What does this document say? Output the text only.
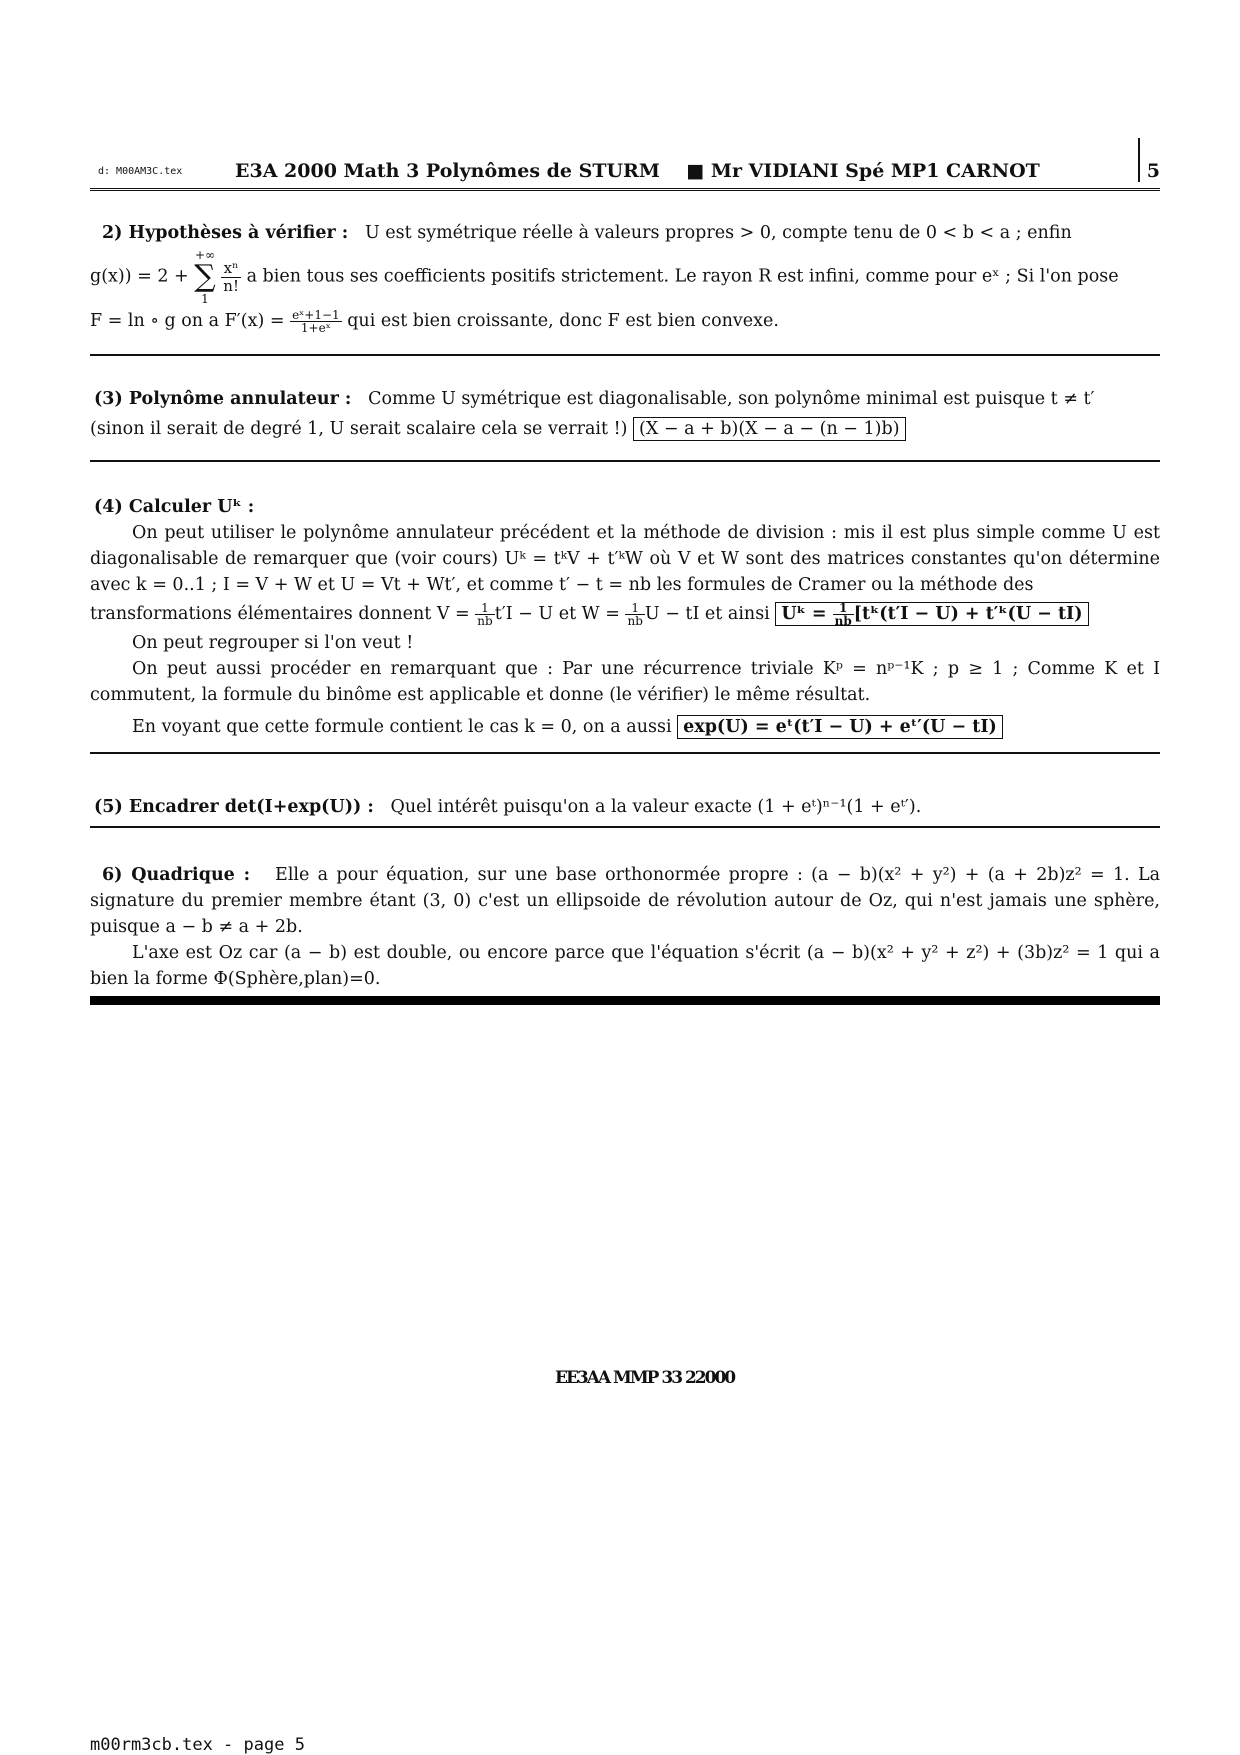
d: M00AM3C.tex	E3A 2000 Math 3 Polynômes de STURM ■ Mr VIDIANI Spé MP1 CARNOT	5

2) Hypothèses à vérifier : U est symétrique réelle à valeurs propres > 0, compte tenu de 0 < b < a ; enfin

g(x)) = 2 +
+∞
∑
1

$\frac{\text{xⁿ}}{n!}$ a bien tous ses coefficients positifs strictement. Le rayon R est infini, comme pour eˣ ; Si l'on pose

F = ln ∘ g on a $F'(x) = \frac{\text{eˣ+1−1}}{\text{1+eˣ}}$ qui est bien croissante, donc F est bien convexe.

(3) Polynôme annulateur : Comme U symétrique est diagonalisable, son polynôme minimal est puisque t ≠ t′

(sinon il serait de degré 1, U serait scalaire cela se verrait !) (X − a + b)(X − a − (n − 1)b)

(4) Calculer Uᵏ :

On peut utiliser le polynôme annulateur précédent et la méthode de division : mis il est plus simple comme U est diagonalisable de remarquer que (voir cours) Uᵏ = tᵏV + t′ᵏW où V et W sont des matrices constantes qu'on détermine avec k = 0..1 ; I = V + W et U = Vt + Wt′, et comme t′ − t = nb les formules de Cramer ou la méthode des

transformations élémentaires donnent $V = \frac{1}{nb} t'I - U$ et $W = \frac{1}{nb}$ U − tI et ainsi Uᵏ = $\frac{1}{nb}$ [tᵏ(t′I − U) + t′ᵏ(U − tI)

On peut regrouper si l'on veut !

On peut aussi procéder en remarquant que : Par une récurrence triviale Kᵖ = nᵖ⁻¹K ; p ≥ 1 ; Comme K et I commutent, la formule du binôme est applicable et donne (le vérifier) le même résultat.

En voyant que cette formule contient le cas k = 0, on a aussi exp(U) = eᵗ(t′I − U) + eᵗ′(U − tI)

(5) Encadrer det(I+exp(U)) : Quel intérêt puisqu'on a la valeur exacte (1 + eᵗ)ⁿ⁻¹(1 + eᵗ′).

6) Quadrique : Elle a pour équation, sur une base orthonormée propre : (a − b)(x² + y²) + (a + 2b)z² = 1. La signature du premier membre étant (3, 0) c'est un ellipsoide de révolution autour de Oz, qui n'est jamais une sphère, puisque a − b ≠ a + 2b.

L'axe est Oz car (a − b) est double, ou encore parce que l'équation s'écrit (a − b)(x² + y² + z²) + (3b)z² = 1 qui a bien la forme Φ(Sphère,plan)=0.

EE3AA MMP 33 22000
m00rm3cb.tex - page 5
